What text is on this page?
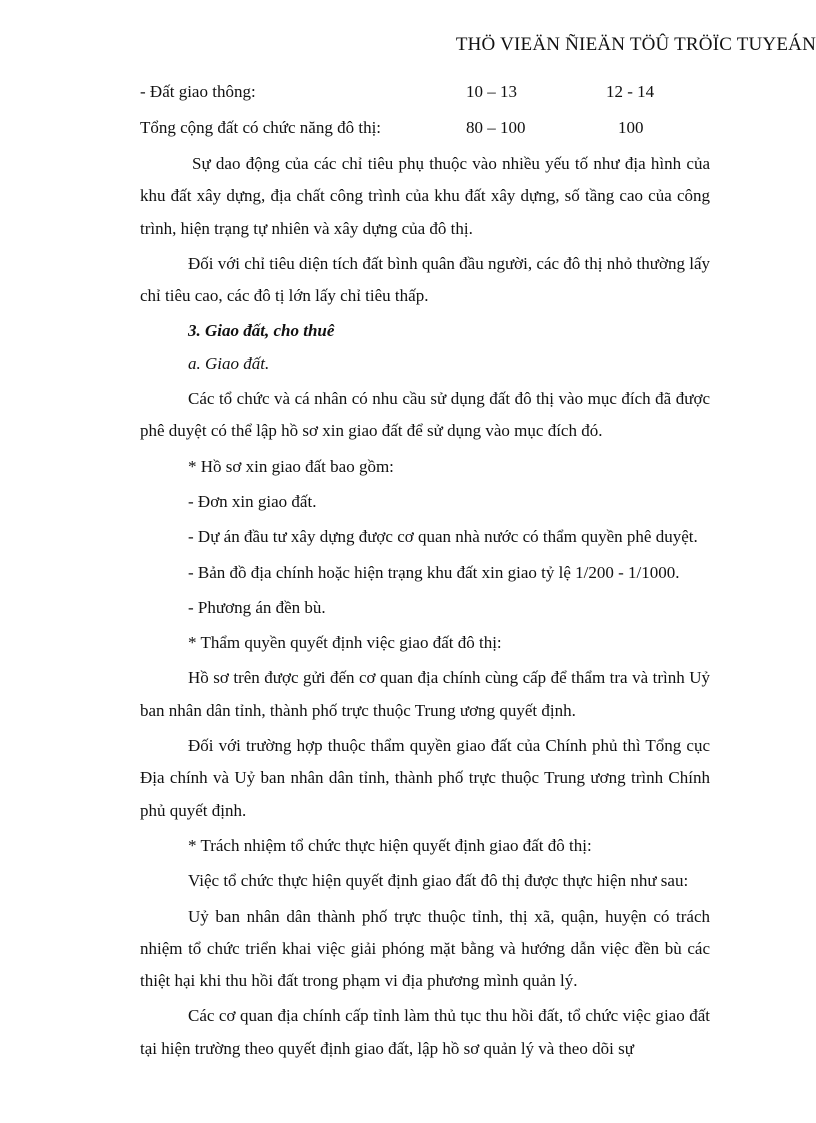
THÖ VIEÄN ÑIEÄN TÖÛ TRÖÏC TUYEÁN
- Đất giao thông:	10 – 13	12 - 14
Tổng cộng đất có chức năng đô thị:	80 – 100	100

Sự dao động của các chỉ tiêu phụ thuộc vào nhiều yếu tố như địa hình của khu đất xây dựng, địa chất công trình của khu đất xây dựng, số tầng cao của công trình, hiện trạng tự nhiên và xây dựng của đô thị.

Đối với chỉ tiêu diện tích đất bình quân đầu người, các đô thị nhỏ thường lấy chỉ tiêu cao, các đô tị lớn lấy chỉ tiêu thấp.

3. Giao đất, cho thuê

a. Giao đất.

Các tổ chức và cá nhân có nhu cầu sử dụng đất đô thị vào mục đích đã được phê duyệt có thể lập hồ sơ xin giao đất để sử dụng vào mục đích đó.

* Hồ sơ xin giao đất bao gồm:

- Đơn xin giao đất.

- Dự án đầu tư xây dựng được cơ quan nhà nước có thẩm quyền phê duyệt.

- Bản đồ địa chính hoặc hiện trạng khu đất xin giao tỷ lệ 1/200 - 1/1000.

- Phương án đền bù.

* Thẩm quyền quyết định việc giao đất đô thị:

Hồ sơ trên được gửi đến cơ quan địa chính cùng cấp để thẩm tra và trình Uỷ ban nhân dân tỉnh, thành phố trực thuộc Trung ương quyết định.

Đối với trường hợp thuộc thẩm quyền giao đất của Chính phủ thì Tổng cục Địa chính và Uỷ ban nhân dân tỉnh, thành phố trực thuộc Trung ương trình Chính phủ quyết định.

* Trách nhiệm tổ chức thực hiện quyết định giao đất đô thị:

Việc tổ chức thực hiện quyết định giao đất đô thị được thực hiện như sau:

Uỷ ban nhân dân thành phố trực thuộc tỉnh, thị xã, quận, huyện có trách nhiệm tổ chức triển khai việc giải phóng mặt bằng và hướng dẫn việc đền bù các thiệt hại khi thu hồi đất trong phạm vi địa phương mình quản lý.

Các cơ quan địa chính cấp tỉnh làm thủ tục thu hồi đất, tổ chức việc giao đất tại hiện trường theo quyết định giao đất, lập hồ sơ quản lý và theo dõi sự
